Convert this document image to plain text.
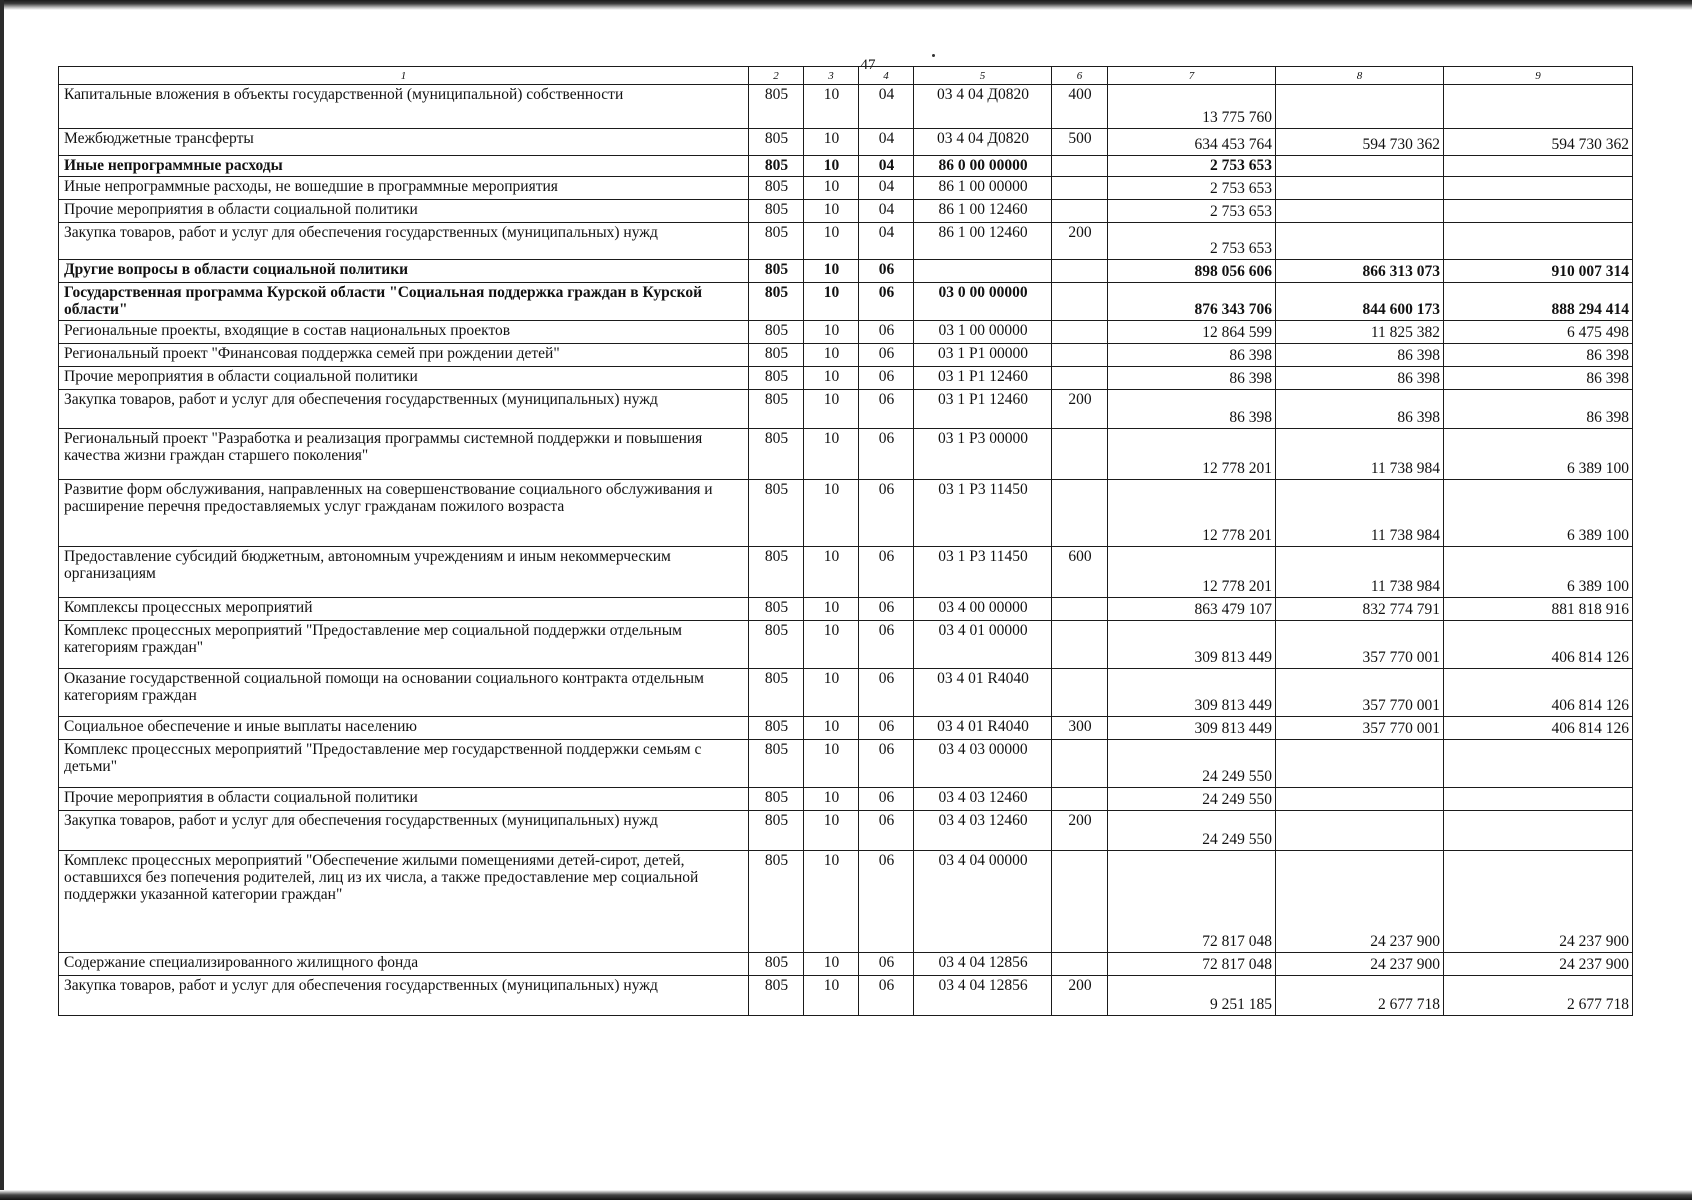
47
1	2	3	4	5	6	7	8	9
Капитальные вложения в объекты государственной (муниципальной) собственности	805	10	04	03 4 04 Д0820	400	13 775 760		
Межбюджетные трансферты	805	10	04	03 4 04 Д0820	500	634 453 764	594 730 362	594 730 362
Иные непрограммные расходы	805	10	04	86 0 00 00000		2 753 653		
Иные непрограммные расходы, не вошедшие в программные мероприятия	805	10	04	86 1 00 00000		2 753 653		
Прочие мероприятия в области социальной политики	805	10	04	86 1 00 12460		2 753 653		
Закупка товаров, работ и услуг для обеспечения государственных (муниципальных) нужд	805	10	04	86 1 00 12460	200	2 753 653		
Другие вопросы в области социальной политики	805	10	06			898 056 606	866 313 073	910 007 314
Государственная программа Курской области "Социальная поддержка граждан в Курской области"	805	10	06	03 0 00 00000		876 343 706	844 600 173	888 294 414
Региональные проекты, входящие в состав национальных проектов	805	10	06	03 1 00 00000		12 864 599	11 825 382	6 475 498
Региональный проект "Финансовая поддержка семей при рождении детей"	805	10	06	03 1 P1 00000		86 398	86 398	86 398
Прочие мероприятия в области социальной политики	805	10	06	03 1 P1 12460		86 398	86 398	86 398
Закупка товаров, работ и услуг для обеспечения государственных (муниципальных) нужд	805	10	06	03 1 P1 12460	200	86 398	86 398	86 398
Региональный проект "Разработка и реализация программы системной поддержки и повышения качества жизни граждан старшего поколения"	805	10	06	03 1 P3 00000		12 778 201	11 738 984	6 389 100
Развитие форм обслуживания, направленных на совершенствование социального обслуживания и расширение перечня предоставляемых услуг гражданам пожилого возраста	805	10	06	03 1 P3 11450		12 778 201	11 738 984	6 389 100
Предоставление субсидий бюджетным, автономным учреждениям и иным некоммерческим организациям	805	10	06	03 1 P3 11450	600	12 778 201	11 738 984	6 389 100
Комплексы процессных мероприятий	805	10	06	03 4 00 00000		863 479 107	832 774 791	881 818 916
Комплекс процессных мероприятий "Предоставление мер социальной поддержки отдельным категориям граждан"	805	10	06	03 4 01 00000		309 813 449	357 770 001	406 814 126
Оказание государственной социальной помощи на основании социального контракта отдельным категориям граждан	805	10	06	03 4 01 R4040		309 813 449	357 770 001	406 814 126
Социальное обеспечение и иные выплаты населению	805	10	06	03 4 01 R4040	300	309 813 449	357 770 001	406 814 126
Комплекс процессных мероприятий "Предоставление мер государственной поддержки семьям с детьми"	805	10	06	03 4 03 00000		24 249 550		
Прочие мероприятия в области социальной политики	805	10	06	03 4 03 12460		24 249 550		
Закупка товаров, работ и услуг для обеспечения государственных (муниципальных) нужд	805	10	06	03 4 03 12460	200	24 249 550		
Комплекс процессных мероприятий "Обеспечение жилыми помещениями детей-сирот, детей, оставшихся без попечения родителей, лиц из их числа, а также предоставление мер социальной поддержки указанной категории граждан"	805	10	06	03 4 04 00000		72 817 048	24 237 900	24 237 900
Содержание специализированного жилищного фонда	805	10	06	03 4 04 12856		72 817 048	24 237 900	24 237 900
Закупка товаров, работ и услуг для обеспечения государственных (муниципальных) нужд	805	10	06	03 4 04 12856	200	9 251 185	2 677 718	2 677 718
